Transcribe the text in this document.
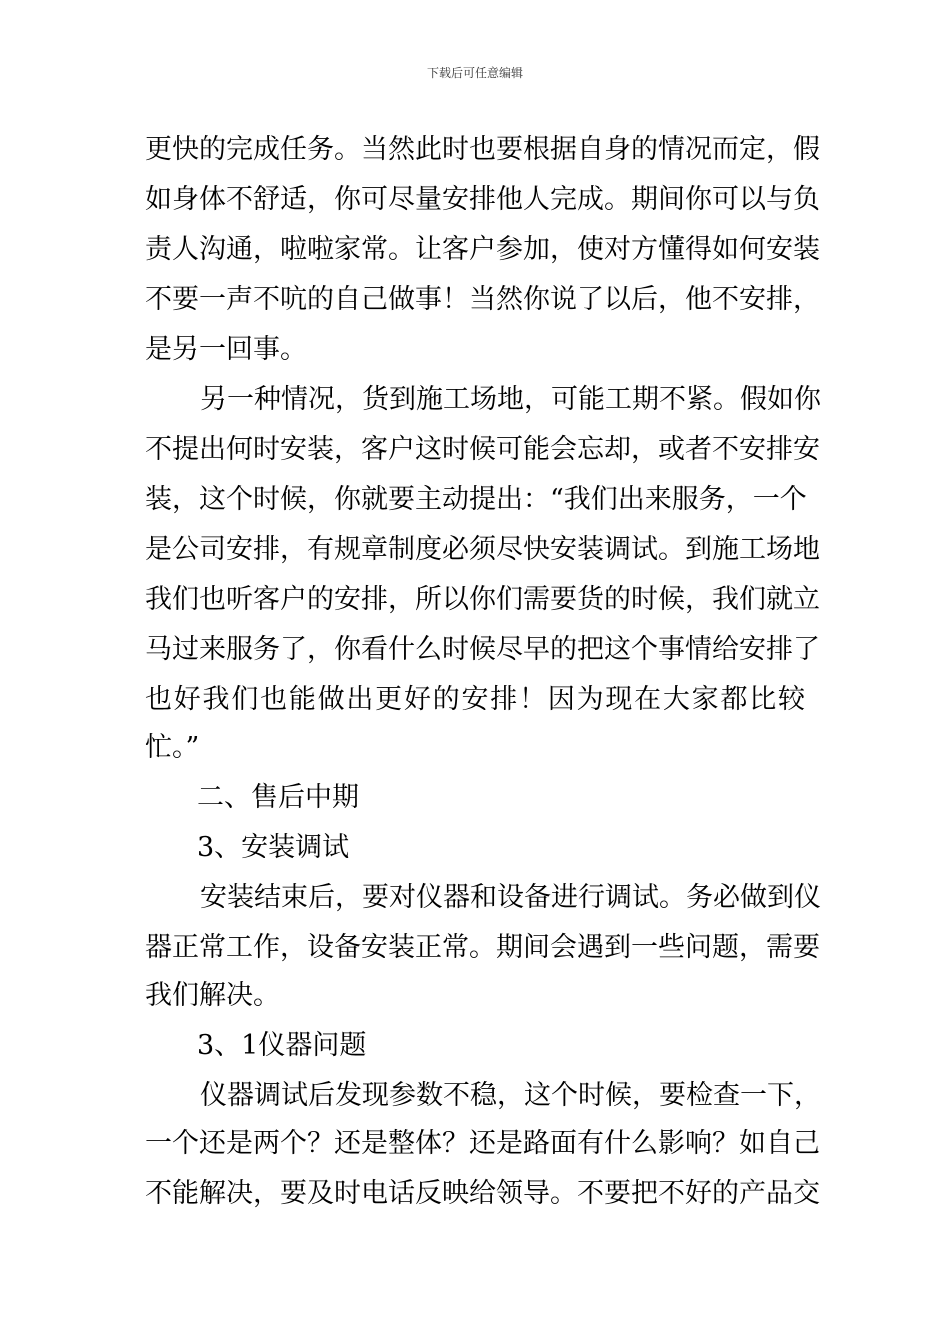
下载后可任意编辑
更快的完成任务。当然此时也要根据自身的情况而定，假
如身体不舒适，你可尽量安排他人完成。期间你可以与负
责人沟通，啦啦家常。让客户参加，使对方懂得如何安装
不要一声不吭的自己做事！当然你说了以后，他不安排，
是另一回事。
另一种情况，货到施工场地，可能工期不紧。假如你
不提出何时安装，客户这时候可能会忘却，或者不安排安
装，这个时候，你就要主动提出：“我们出来服务，一个
是公司安排，有规章制度必须尽快安装调试。到施工场地
我们也听客户的安排，所以你们需要货的时候，我们就立
马过来服务了，你看什么时候尽早的把这个事情给安排了
也好我们也能做出更好的安排！因为现在大家都比较
忙。”
二、售后中期
3、安装调试
安装结束后，要对仪器和设备进行调试。务必做到仪
器正常工作，设备安装正常。期间会遇到一些问题，需要
我们解决。
3、1仪器问题
仪器调试后发现参数不稳，这个时候，要检查一下，
一个还是两个？还是整体？还是路面有什么影响？如自己
不能解决，要及时电话反映给领导。不要把不好的产品交
